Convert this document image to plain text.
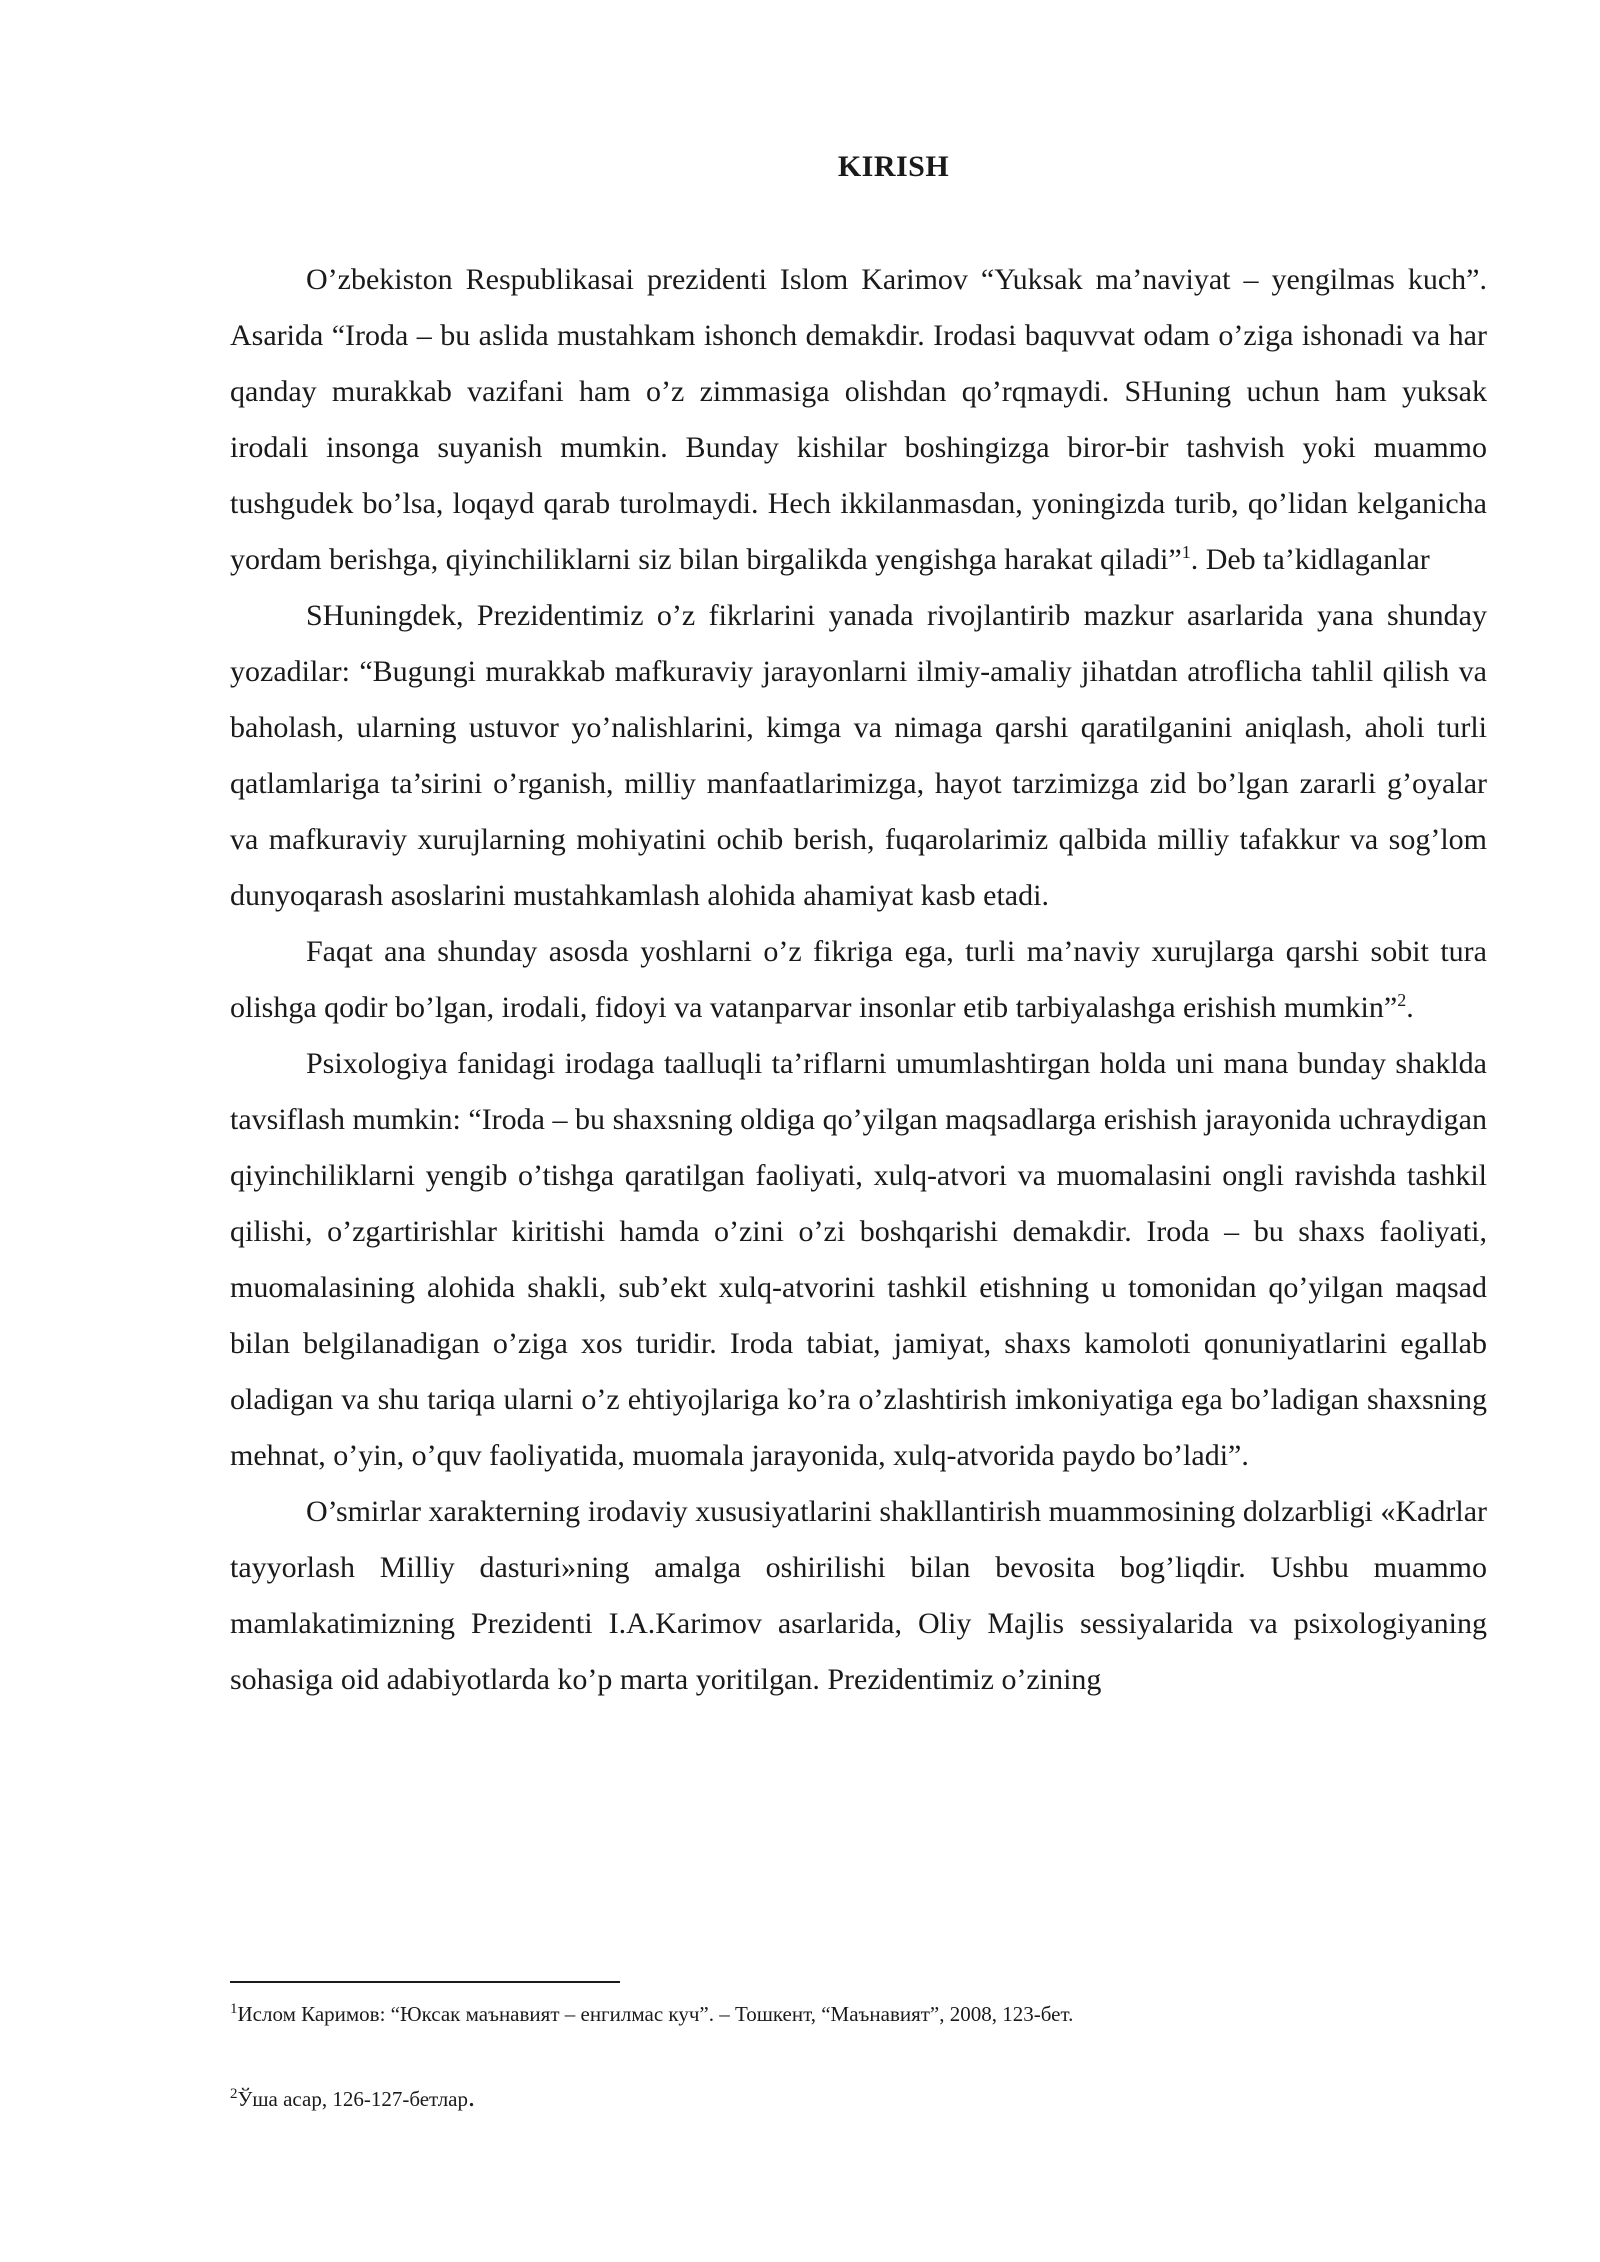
KIRISH

O’zbekiston Respublikasai prezidenti Islom Karimov “Yuksak ma’naviyat – yengilmas kuch”. Asarida “Iroda – bu aslida mustahkam ishonch demakdir. Irodasi baquvvat odam o’ziga ishonadi va har qanday murakkab vazifani ham o’z zimmasiga olishdan qo’rqmaydi. SHuning uchun ham yuksak irodali insonga suyanish mumkin. Bunday kishilar boshingizga biror-bir tashvish yoki muammo tushgudek bo’lsa, loqayd qarab turolmaydi. Hech ikkilanmasdan, yoningizda turib, qo’lidan kelganicha yordam berishga, qiyinchiliklarni siz bilan birgalikda yengishga harakat qiladi”$^1$. Deb ta’kidlaganlar

SHuningdek, Prezidentimiz o’z fikrlarini yanada rivojlantirib mazkur asarlarida yana shunday yozadilar: “Bugungi murakkab mafkuraviy jarayonlarni ilmiy-amaliy jihatdan atroflicha tahlil qilish va baholash, ularning ustuvor yo’nalishlarini, kimga va nimaga qarshi qaratilganini aniqlash, aholi turli qatlamlariga ta’sirini o’rganish, milliy manfaatlarimizga, hayot tarzimizga zid bo’lgan zararli g’oyalar va mafkuraviy xurujlarning mohiyatini ochib berish, fuqarolarimiz qalbida milliy tafakkur va sog’lom dunyoqarash asoslarini mustahkamlash alohida ahamiyat kasb etadi.

Faqat ana shunday asosda yoshlarni o’z fikriga ega, turli ma’naviy xurujlarga qarshi sobit tura olishga qodir bo’lgan, irodali, fidoyi va vatanparvar insonlar etib tarbiyalashga erishish mumkin”$^2$.

Psixologiya fanidagi irodaga taalluqli ta’riflarni umumlashtirgan holda uni mana bunday shaklda tavsiflash mumkin: “Iroda – bu shaxsning oldiga qo’yilgan maqsadlarga erishish jarayonida uchraydigan qiyinchiliklarni yengib o’tishga qaratilgan faoliyati, xulq-atvori va muomalasini ongli ravishda tashkil qilishi, o’zgartirishlar kiritishi hamda o’zini o’zi boshqarishi demakdir. Iroda – bu shaxs faoliyati, muomalasining alohida shakli, sub’ekt xulq-atvorini tashkil etishning u tomonidan qo’yilgan maqsad bilan belgilanadigan o’ziga xos turidir. Iroda tabiat, jamiyat, shaxs kamoloti qonuniyatlarini egallab oladigan va shu tariqa ularni o’z ehtiyojlariga ko’ra o’zlashtirish imkoniyatiga ega bo’ladigan shaxsning mehnat, o’yin, o’quv faoliyatida, muomala jarayonida, xulq-atvorida paydo bo’ladi”.

O’smirlar xarakterning irodaviy xususiyatlarini shakllantirish muammosining dolzarbligi «Kadrlar tayyorlash Milliy dasturi»ning amalga oshirilishi bilan bevosita bog’liqdir. Ushbu muammo mamlakatimizning Prezidenti I.A.Karimov asarlarida, Oliy Majlis sessiyalarida va psixologiyaning sohasiga oid adabiyotlarda ko’p marta yoritilgan. Prezidentimiz o’zining

$^1$Ислом Каримов: “Юксак маънавият – енгилмас куч”. – Тошкент, “Маънавият”, 2008, 123-бет.
$^2$Ўша асар, 126-127-бетлар.
